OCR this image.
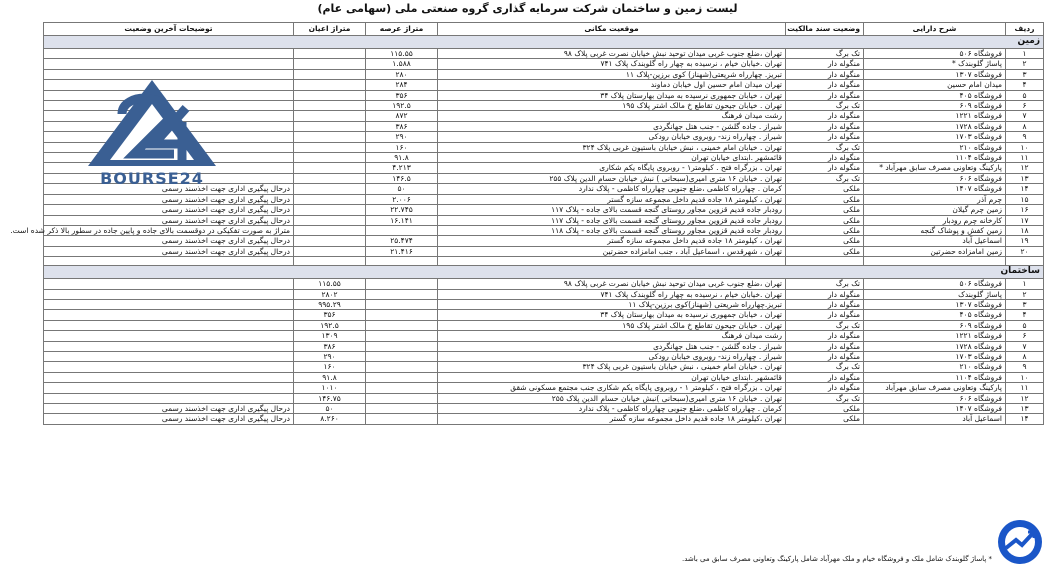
لیست زمین و ساختمان شرکت سرمایه گذاری گروه صنعتی ملی (سهامی عام)
ردیف	شرح دارایی	وضعیت سند مالکیت	موقعیت مکانی	متراژ عرصه	متراژ اعیان	توضیحات آخرین وضعیت
زمین						
۱	فروشگاه ۵۰۶	تک برگ	تهران ،ضلع جنوب غربی میدان توحید نبش خیابان نصرت غربی پلاک ۹۸	۱۱۵.۵۵		
۲	پاساژ گلوبندک *	منگوله دار	تهران .خیابان خیام ، نرسیده به چهار راه گلوبندک پلاک ۷۴۱	۱.۵۸۸		
۳	فروشگاه ۱۳۰۷	منگوله دار	تبریز. چهارراه شریعتی(شهناز) کوی برزین-پلاک ۱۱	۲۸۰		
۴	میدان امام حسین	منگوله دار	تهران میدان امام حسین اول خیابان دماوند	۲۸۴		
۵	فروشگاه ۴۰۵	منگوله دار	تهران ، خیابان جمهوری نرسیده به میدان بهارستان پلاک ۳۴	۳۵۶		
۶	فروشگاه ۶۰۹	تک برگ	تهران . خیابان جیحون تقاطع خ مالک اشتر پلاک ۱۹۵	۱۹۲.۵		
۷	فروشگاه ۱۲۲۱	منگوله دار	رشت میدان فرهنگ	۸۷۲		
۸	فروشگاه ۱۷۲۸	منگوله دار	شیراز . جاده گلشن - جنب هتل جهانگردی	۳۸۶		
۹	فروشگاه ۱۷۰۳	منگوله دار	شیراز . چهارراه زند- روبروی خیابان رودکی	۲۹۰		
۱۰	فروشگاه ۲۱۰	تک برگ	تهران . خیابان امام خمینی ، نبش خیابان باستیون غربی پلاک ۳۲۴	۱۶۰		
۱۱	فروشگاه ۱۱۰۴	منگوله دار	قائمشهر .ابتدای خیابان تهران	۹۱.۸		
۱۲	پارکینگ وتعاونی مصرف سابق مهرآباد *	منگوله دار	تهران . بزرگراه فتح . کیلومتر۱ - روبروی پایگاه یکم شکاری	۴.۲۱۳		
۱۳	فروشگاه ۶۰۶	تک برگ	تهران . خیابان ۱۶ متری امیری(سبحانی ) نبش خیابان حسام الدین پلاک ۲۵۵	۱۴۶.۵		
۱۴	فروشگاه ۱۴۰۷	ملکی	کرمان . چهارراه کاظمی ،ضلع جنوبی چهارراه کاظمی - پلاک ندارد	۵۰		درحال پیگیری اداری جهت اخذسند رسمی
۱۵	چرم آذر	ملکی	تهران ، کیلومتر ۱۸ جاده قدیم داخل مجموعه سازه گستر	۲.۰۰۶		درحال پیگیری اداری جهت اخذسند رسمی
۱۶	زمین چرم گیلان	ملکی	رودبار جاده قدیم قزوین مجاور روستای گنجه قسمت بالای جاده - پلاک ۱۱۷	۲۲.۷۴۵		درحال پیگیری اداری جهت اخذسند رسمی
۱۷	کارخانه چرم رودبار	ملکی	رودبار جاده قدیم قزوین مجاور روستای گنجه قسمت بالای جاده - پلاک ۱۱۷	۱۶.۱۴۱		درحال پیگیری اداری جهت اخذسند رسمی
۱۸	زمین کفش و پوشاک گنجه	ملکی	رودبار جاده قدیم قزوین مجاور روستای گنجه قسمت بالای جاده - پلاک ۱۱۸			متراژ به صورت تفکیکی در دوقسمت بالای جاده و پایین جاده در سطور بالا ذکر شده است.
۱۹	اسماعیل آباد	ملکی	تهران ، کیلومتر ۱۸ جاده قدیم داخل مجموعه سازه گستر	۲۵.۴۷۴		درحال پیگیری اداری جهت اخذسند رسمی
۲۰	زمین امامزاده حضرتین	ملکی	تهران ، شهرقدس ، اسماعیل آباد ، جنب امامزاده حضرتین	۲۱.۴۱۶		درحال پیگیری اداری جهت اخذسند رسمی

ساختمان						
۱	فروشگاه ۵۰۶	تک برگ	تهران ،ضلع جنوب غربی میدان توحید نبش خیابان نصرت غربی پلاک ۹۸		۱۱۵.۵۵	
۲	پاساژ گلوبندک	منگوله دار	تهران .خیابان خیام ، نرسیده به چهار راه گلوبندک پلاک ۷۴۱		۲۸۰۲	
۳	فروشگاه ۱۳۰۷	منگوله دار	تبریز.چهارراه شریعتی (شهناز)کوی برزین-پلاک ۱۱		۹۹۵.۲۹	
۴	فروشگاه ۴۰۵	منگوله دار	تهران ، خیابان جمهوری نرسیده به میدان بهارستان پلاک ۳۴		۳۵۶	
۵	فروشگاه ۶۰۹	تک برگ	تهران . خیابان جیحون تقاطع خ مالک اشتر پلاک ۱۹۵		۱۹۲.۵	
۶	فروشگاه ۱۲۲۱	منگوله دار	رشت میدان فرهنگ		۱۳۰۹	
۷	فروشگاه ۱۷۲۸	منگوله دار	شیراز . جاده گلشن - جنب هتل جهانگردی		۳۸۶	
۸	فروشگاه ۱۷۰۳	منگوله دار	شیراز . چهارراه زند- روبروی خیابان رودکی		۲۹۰	
۹	فروشگاه ۲۱۰	تک برگ	تهران . خیابان امام خمینی ، نبش خیابان باستیون غربی پلاک ۳۲۴		۱۶۰	
۱۰	فروشگاه ۱۱۰۴	منگوله دار	قائمشهر .ابتدای خیابان تهران		۹۱.۸	
۱۱	پارکینگ وتعاونی مصرف سابق مهرآباد	منگوله دار	تهران . بزرگراه فتح ، کیلومتر ۱ - روبروی پایگاه یکم شکاری جنب مجتمع مسکونی شقق		۱۰۱۰	
۱۲	فروشگاه ۶۰۶	تک برگ	تهران . خیابان ۱۶ متری امیری(سبحانی )نبش خیابان حسام الدین پلاک ۲۵۵		۱۴۶.۷۵	
۱۳	فروشگاه ۱۴۰۷	ملکی	کرمان . چهارراه کاظمی ،ضلع جنوبی چهارراه کاظمی - پلاک ندارد		۵۰	درحال پیگیری اداری جهت اخذسند رسمی
۱۴	اسماعیل آباد	ملکی	تهران ،کیلومتر ۱۸ جاده قدیم داخل مجموعه سازه گستر		۸.۲۶۰	درحال پیگیری اداری جهت اخذسند رسمی
* پاساژ گلوبندک شامل ملک و فروشگاه خیام و ملک مهرآباد شامل پارکینگ وتعاونی مصرف سابق می باشد.
BOURSE24
